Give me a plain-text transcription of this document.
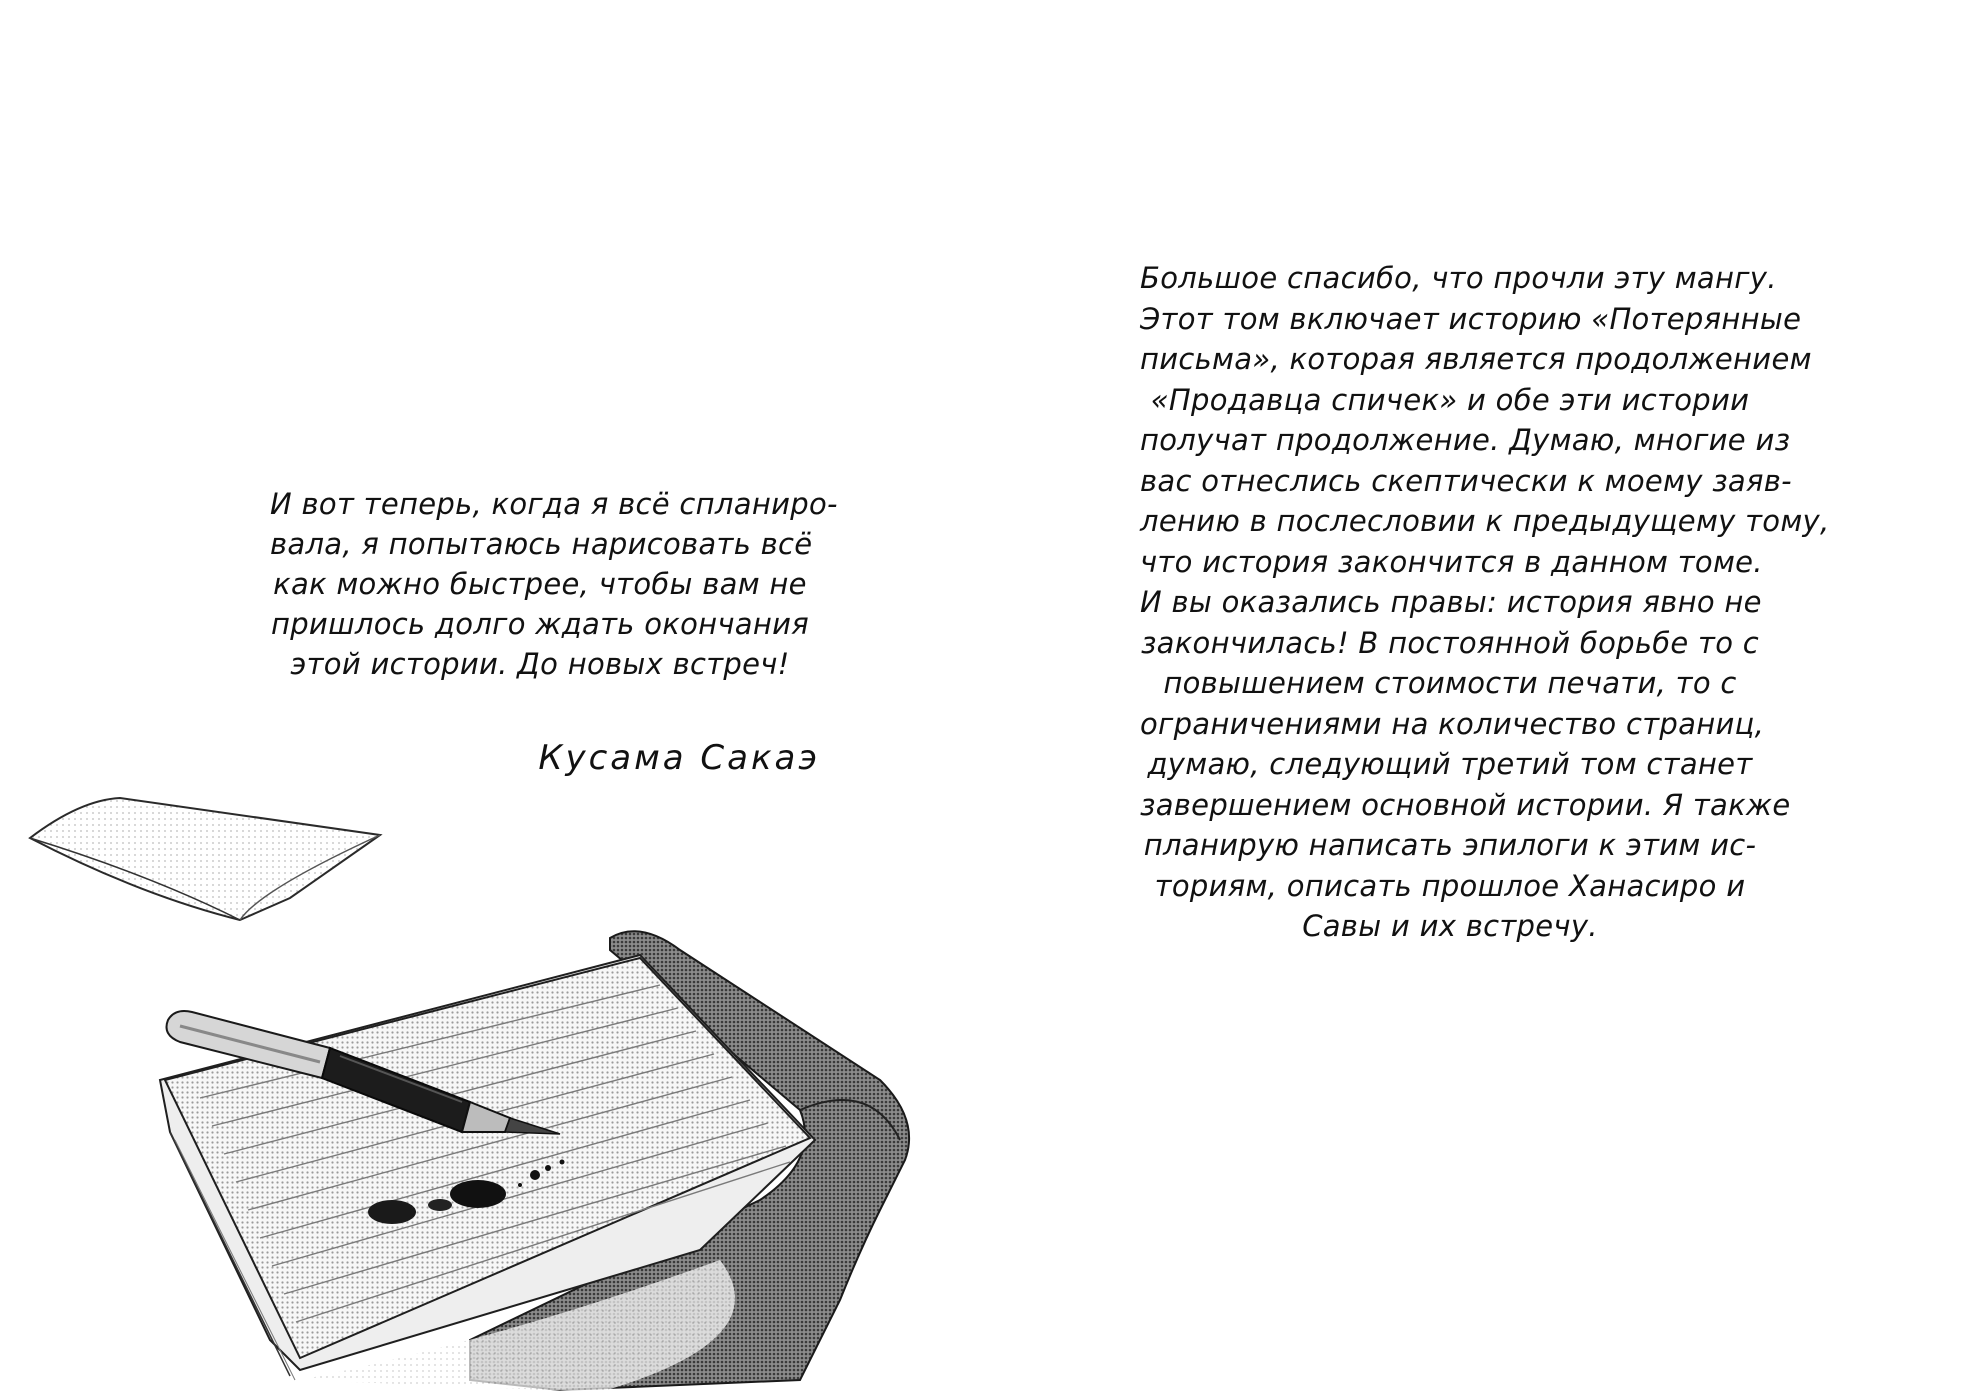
И вот теперь, когда я всё спланиро-
вала, я попытаюсь нарисовать всё
как можно быстрее, чтобы вам не
пришлось долго ждать окончания
этой истории. До новых встреч!
Кусама Сакаэ
Большое спасибо, что прочли эту мангу.
Этот том включает историю «Потерянные
письма», которая является продолжением
«Продавца спичек» и обе эти истории
получат продолжение. Думаю, многие из
вас отнеслись скептически к моему заяв-
лению в послесловии к предыдущему тому,
что история закончится в данном томе.
И вы оказались правы: история явно не
закончилась! В постоянной борьбе то с
повышением стоимости печати, то с
ограничениями на количество страниц,
думаю, следующий третий том станет
завершением основной истории. Я также
планирую написать эпилоги к этим ис-
ториям, описать прошлое Ханасиро и
Савы и их встречу.
